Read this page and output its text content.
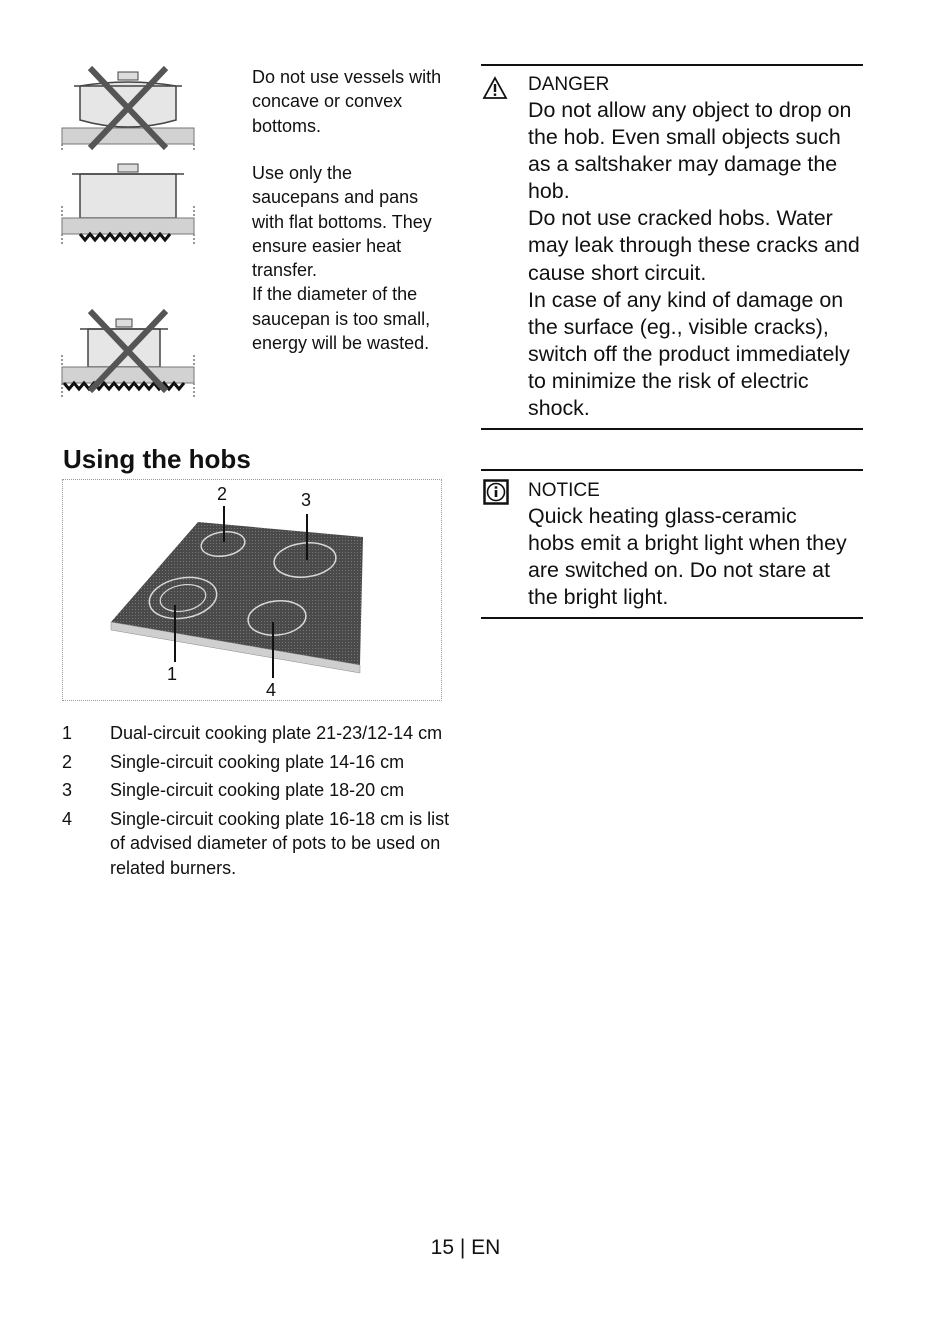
Do not use vessels with concave or convex bottoms.

Use only the saucepans and pans with flat bottoms. They ensure easier heat transfer.

If the diameter of the saucepan is too small, energy will be wasted.

Using the hobs
2	3
1
4
1 Dual-circuit cooking plate 21-23/12-14 cm
2 Single-circuit cooking plate 14-16 cm
3 Single-circuit cooking plate 18-20 cm
4 Single-circuit cooking plate 16-18 cm is list of advised diameter of pots to be used on related burners.
DANGER

Do not allow any object to drop on the hob. Even small objects such as a saltshaker may damage the hob.

Do not use cracked hobs. Water may leak through these cracks and cause short circuit.

In case of any kind of damage on the surface (eg., visible cracks), switch off the product immediately to minimize the risk of electric shock.

NOTICE
Quick heating glass-ceramic hobs emit a bright light when they are switched on. Do not stare at the bright light.
15 | EN
